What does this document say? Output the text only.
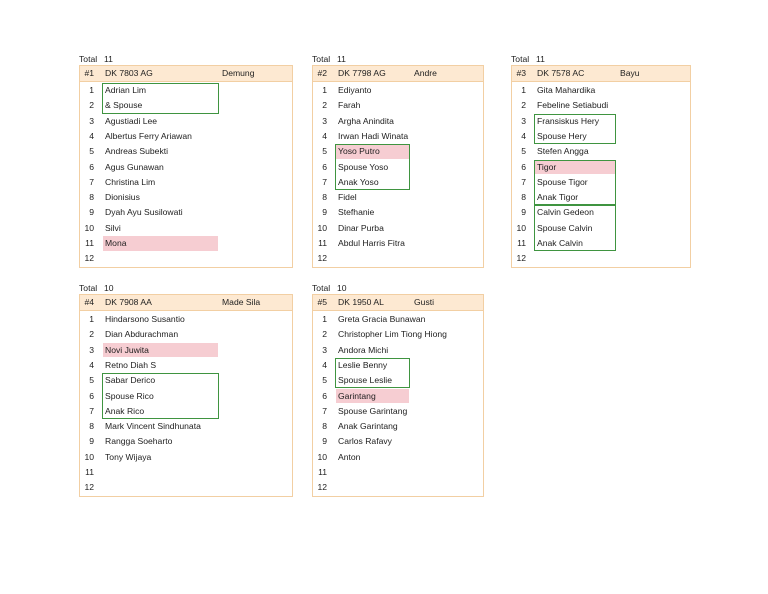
Total 11
#1 DK 7803 AG	Demung
1 Adrian Lim
2 & Spouse
3 Agustiadi Lee
4 Albertus Ferry Ariawan
5 Andreas Subekti
6 Agus Gunawan
7 Christina Lim
8 Dionisius
9 Dyah Ayu Susilowati
10 Silvi
11 Mona
12
Total 11
#2 DK 7798 AG	Andre
1 Ediyanto
2 Farah
3 Argha Anindita
4 Irwan Hadi Winata
5 Yoso Putro
6 Spouse Yoso
7 Anak Yoso
8 Fidel
9 Stefhanie
10 Dinar Purba
11 Abdul Harris Fitra
12
Total 11
#3 DK 7578 AC	Bayu
1 Gita Mahardika
2 Febeline Setiabudi
3 Fransiskus Hery
4 Spouse Hery
5 Stefen Angga
6 Tigor
7 Spouse Tigor
8 Anak Tigor
9 Calvin Gedeon
10 Spouse Calvin
11 Anak Calvin
12
Total 10
#4 DK 7908 AA	Made Sila
1 Hindarsono Susantio
2 Dian Abdurachman
3 Novi Juwita
4 Retno Diah S
5 Sabar Derico
6 Spouse Rico
7 Anak Rico
8 Mark Vincent Sindhunata
9 Rangga Soeharto
10 Tony Wijaya
11
12
Total 10
#5 DK 1950 AL	Gusti
1 Greta Gracia Bunawan
2 Christopher Lim Tiong Hiong
3 Andora Michi
4 Leslie Benny
5 Spouse Leslie
6 Garintang
7 Spouse Garintang
8 Anak Garintang
9 Carlos Rafavy
10 Anton
11
12
